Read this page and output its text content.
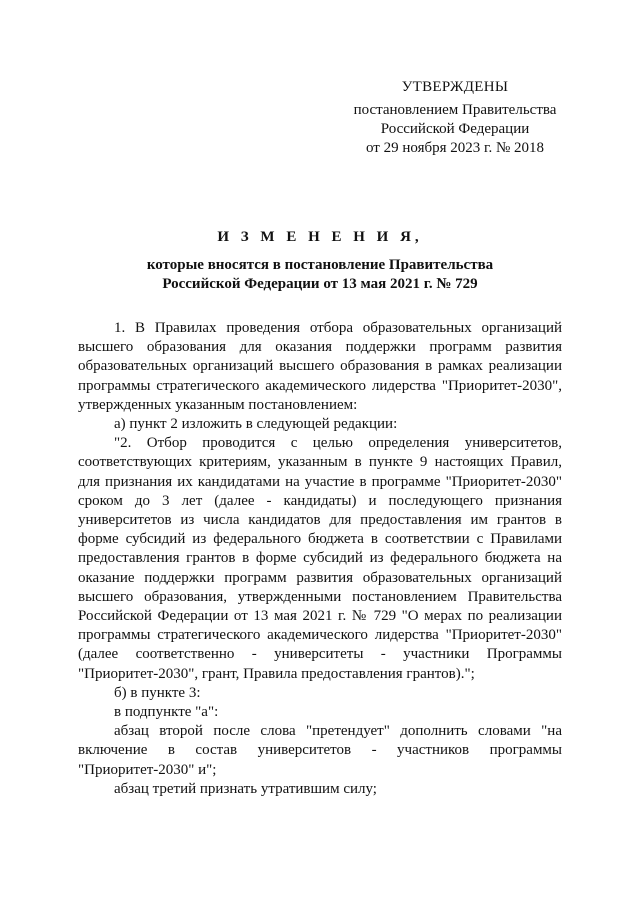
УТВЕРЖДЕНЫ
постановлением Правительства
Российской Федерации
от 29 ноября 2023 г. № 2018
И З М Е Н Е Н И Я,
которые вносятся в постановление Правительства
Российской Федерации от 13 мая 2021 г. № 729

1. В Правилах проведения отбора образовательных организаций высшего образования для оказания поддержки программ развития образовательных организаций высшего образования в рамках реализации программы стратегического академического лидерства "Приоритет-2030", утвержденных указанным постановлением:

а) пункт 2 изложить в следующей редакции:

"2. Отбор проводится с целью определения университетов, соответствующих критериям, указанным в пункте 9 настоящих Правил, для признания их кандидатами на участие в программе "Приоритет-2030" сроком до 3 лет (далее - кандидаты) и последующего признания университетов из числа кандидатов для предоставления им грантов в форме субсидий из федерального бюджета в соответствии с Правилами предоставления грантов в форме субсидий из федерального бюджета на оказание поддержки программ развития образовательных организаций высшего образования, утвержденными постановлением Правительства Российской Федерации от 13 мая 2021 г. № 729 "О мерах по реализации программы стратегического академического лидерства "Приоритет-2030" (далее соответственно - университеты - участники Программы "Приоритет-2030", грант, Правила предоставления грантов).";

б) в пункте 3:

в подпункте "а":

абзац второй после слова "претендует" дополнить словами "на включение в состав университетов - участников программы "Приоритет-2030" и";

абзац третий признать утратившим силу;
